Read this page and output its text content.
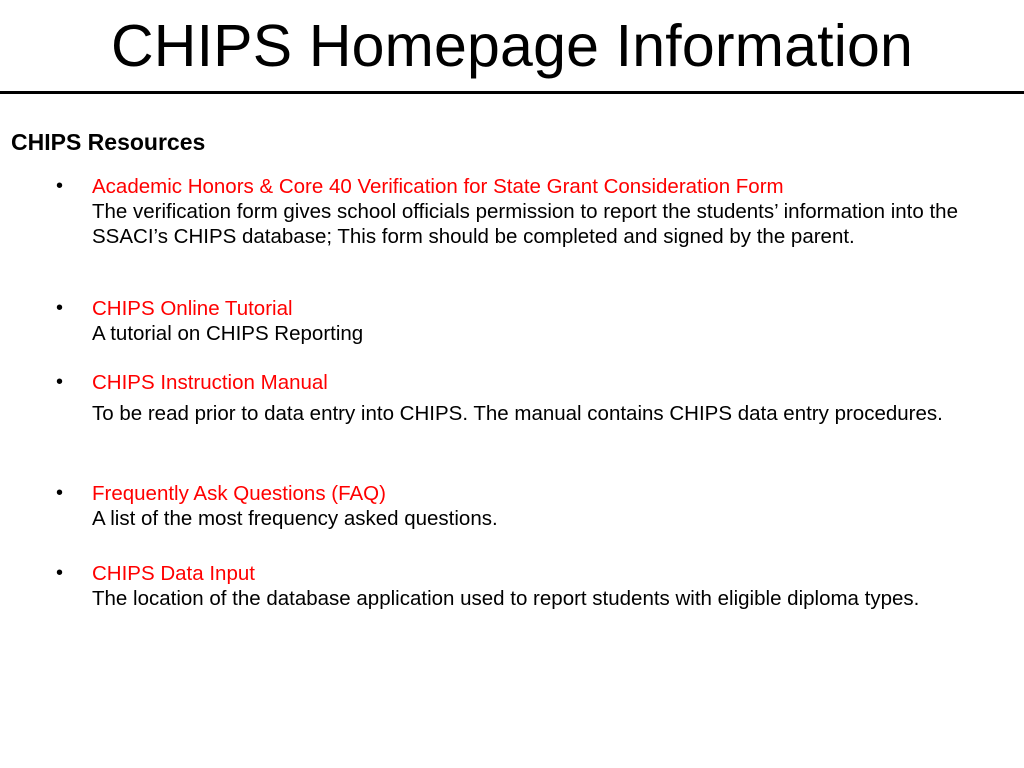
CHIPS Homepage Information
CHIPS Resources
• Academic Honors & Core 40 Verification for State Grant Consideration Form
The verification form gives school officials permission to report the students’ information into the SSACI’s CHIPS database; This form should be completed and signed by the parent.
• CHIPS Online Tutorial
A tutorial on CHIPS Reporting
• CHIPS Instruction Manual
To be read prior to data entry into CHIPS. The manual contains CHIPS data entry procedures.
• Frequently Ask Questions (FAQ)
A list of the most frequency asked questions.
• CHIPS Data Input
The location of the database application used to report students with eligible diploma types.
